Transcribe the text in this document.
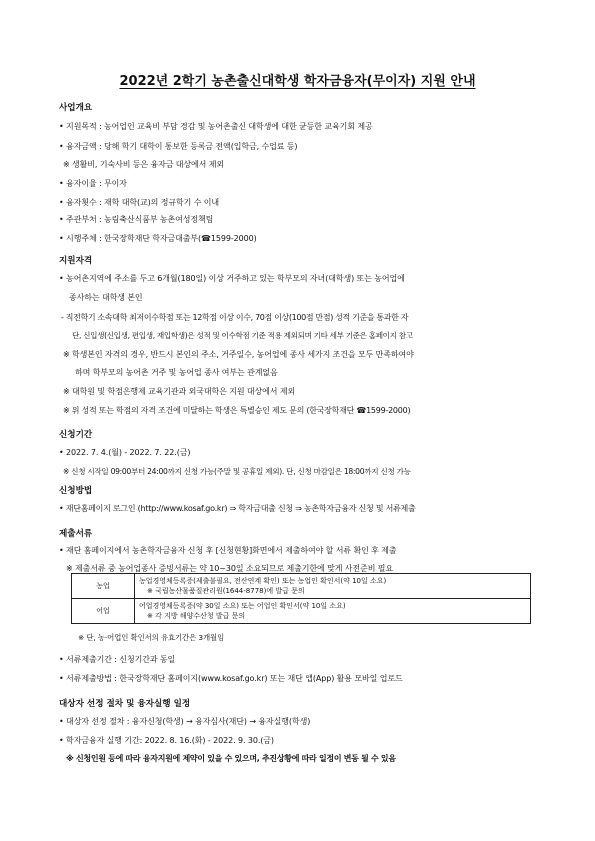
2022년 2학기 농촌출신대학생 학자금융자(무이자) 지원 안내
사업개요
• 지원목적 : 농어업인 교육비 부담 경감 및 농어촌출신 대학생에 대한 균등한 교육기회 제공
• 융자금액 : 당해 학기 대학이 통보한 등록금 전액(입학금, 수업료 등)
※ 생활비, 기숙사비 등은 융자금 대상에서 제외
• 융자이율 : 무이자
• 융자횟수 : 재학 대학(교)의 정규학기 수 이내
• 주관부처 : 농림축산식품부 농촌여성정책팀
• 시행주체 : 한국장학재단 학자금대출부(☎1599-2000)
지원자격
• 농어촌지역에 주소를 두고 6개월(180일) 이상 거주하고 있는 학부모의 자녀(대학생) 또는 농어업에
종사하는 대학생 본인
- 직전학기 소속대학 최저이수학점 또는 12학점 이상 이수, 70점 이상(100점 만점) 성적 기준을 통과한 자
단, 신입생(신입생, 편입생, 재입학생)은 성적 및 이수학점 기준 적용 제외되며 기타 세부 기준은 홈페이지 참고
※ 학생본인 자격의 경우, 반드시 본인의 주소, 거주일수, 농어업에 종사 세가지 조건을 모두 만족하여야
하며 학부모의 농어촌 거주 및 농어업 종사 여부는 관계없음
※ 대학원 및 학점은행제 교육기관과 외국대학은 지원 대상에서 제외
※ 위 성적 또는 학점의 자격 조건에 미달하는 학생은 특별승인 제도 문의 (한국장학재단 ☎1599-2000)
신청기간
• 2022. 7. 4.(월) - 2022. 7. 22.(금)
※ 신청 시작일 09:00부터 24:00까지 신청 가능(주말 및 공휴일 제외). 단, 신청 마감일은 18:00까지 신청 가능
신청방법
• 재단홈페이지 로그인 (http://www.kosaf.go.kr) ⇒ 학자금대출 신청 ⇒ 농촌학자금융자 신청 및 서류제출
제출서류
• 재단 홈페이지에서 농촌학자금융자 신청 후 [신청현황]화면에서 제출하여야 할 서류 확인 후 제출
※ 제출서류 중 농어업종사 증빙서류는 약 10~30일 소요되므로 제출기한에 맞게 사전준비 필요
농업	농업경영체등록증(제출불필요, 전산연계 확인) 또는 농업인 확인서(약 10일 소요)
※ 국립농산물품질관리원(1644-8778)에 발급 문의

어업	어업경영체등록증(약 30일 소요) 또는 어업인 확인서(약 10일 소요)
※ 각 지방 해양수산청 발급 문의
※ 단, 농·어업인 확인서의 유효기간은 3개월임
• 서류제출기간 : 신청기간과 동일
• 서류제출방법 : 한국장학재단 홈페이지(www.kosaf.go.kr) 또는 재단 앱(App) 활용 모바일 업로드
대상자 선정 절차 및 융자실행 일정
• 대상자 선정 절차 : 융자신청(학생) → 융자심사(재단) → 융자실행(학생)
• 학자금융자 실행 기간: 2022. 8. 16.(화) - 2022. 9. 30.(금)
※ 신청인원 등에 따라 융자지원에 제약이 있을 수 있으며, 추진상황에 따라 일정이 변동 될 수 있음
